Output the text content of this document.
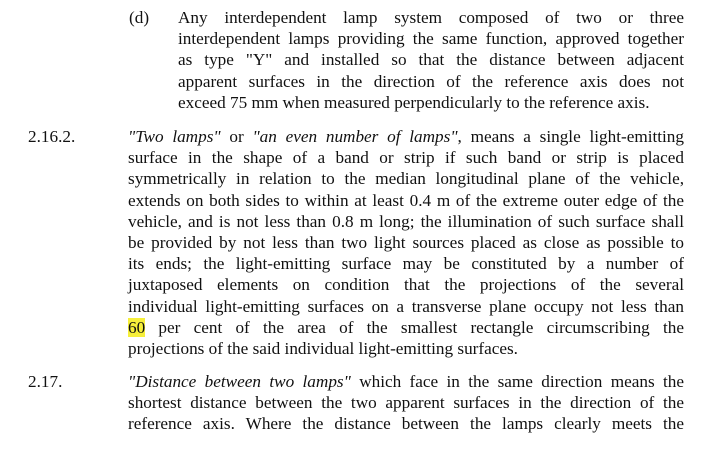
(d) Any interdependent lamp system composed of two or three
interdependent lamps providing the same function, approved together
as type "Y" and installed so that the distance between adjacent
apparent surfaces in the direction of the reference axis does not
exceed 75 mm when measured perpendicularly to the reference axis.
2.16.2.	"Two lamps" or "an even number of lamps", means a single light-emitting
surface in the shape of a band or strip if such band or strip is placed
symmetrically in relation to the median longitudinal plane of the vehicle,
extends on both sides to within at least 0.4 m of the extreme outer edge of the
vehicle, and is not less than 0.8 m long; the illumination of such surface shall
be provided by not less than two light sources placed as close as possible to
its ends; the light-emitting surface may be constituted by a number of
juxtaposed elements on condition that the projections of the several
individual light-emitting surfaces on a transverse plane occupy not less than
60 per cent of the area of the smallest rectangle circumscribing the
projections of the said individual light-emitting surfaces.
2.17.	"Distance between two lamps" which face in the same direction means the
shortest distance between the two apparent surfaces in the direction of the
reference axis. Where the distance between the lamps clearly meets the
